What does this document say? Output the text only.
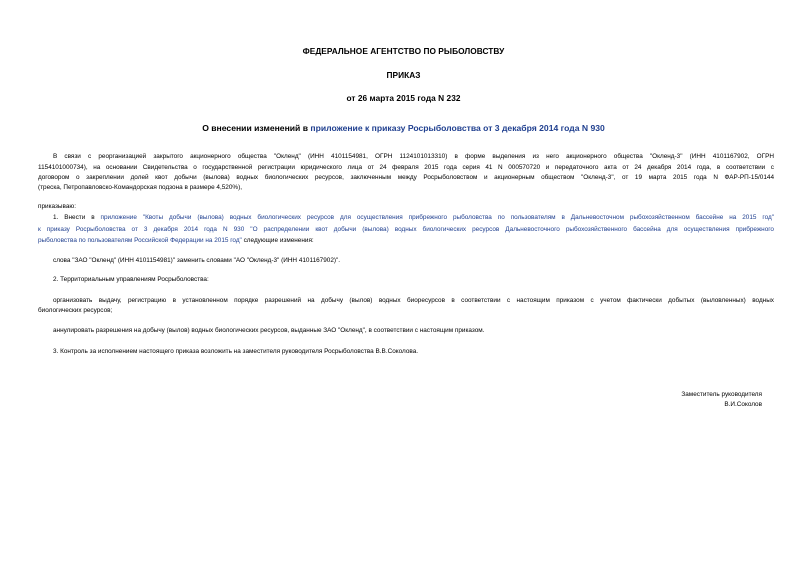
ФЕДЕРАЛЬНОЕ АГЕНТСТВО ПО РЫБОЛОВСТВУ
ПРИКАЗ
от 26 марта 2015 года N 232
О внесении изменений в приложение к приказу Росрыболовства от 3 декабря 2014 года N 930
В связи с реорганизацией закрытого акционерного общества "Окленд" (ИНН 4101154981, ОГРН 1124101013310) в форме выделения из него акционерного общества "Окленд-3" (ИНН 4101167902, ОГРН
1154101000734), на основании Свидетельства о государственной регистрации юридического лица от 24 февраля 2015 года серия 41 N 000570720 и передаточного акта от 24 декабря 2014 года, в соответствии с
договором о закреплении долей квот добычи (вылова) водных биологических ресурсов, заключенным между Росрыболовством и акционерным обществом "Окленд-3", от 19 марта 2015 года N ФАР-РП-15/0144
(треска, Петропавловско-Командорская подзона в размере 4,520%),
приказываю:
1. Внести в приложение "Квоты добычи (вылова) водных биологических ресурсов для осуществления прибрежного рыболовства по пользователям в Дальневосточном рыбохозяйственном бассейне на 2015 год"
к приказу Росрыболовства от 3 декабря 2014 года N 930 "О распределении квот добычи (вылова) водных биологических ресурсов Дальневосточного рыбохозяйственного бассейна для осуществления прибрежного
рыболовства по пользователям Российской Федерации на 2015 год" следующие изменения:
слова "ЗАО "Окленд" (ИНН 4101154981)" заменить словами "АО "Окленд-3" (ИНН 4101167902)".
2. Территориальным управлениям Росрыболовства:
организовать выдачу, регистрацию в установленном порядке разрешений на добычу (вылов) водных биоресурсов в соответствии с настоящим приказом с учетом фактически добытых (выловленных) водных
биологических ресурсов;
аннулировать разрешения на добычу (вылов) водных биологических ресурсов, выданные ЗАО "Окленд", в соответствии с настоящим приказом.
3. Контроль за исполнением настоящего приказа возложить на заместителя руководителя Росрыболовства В.В.Соколова.
Заместитель руководителя
В.И.Соколов
